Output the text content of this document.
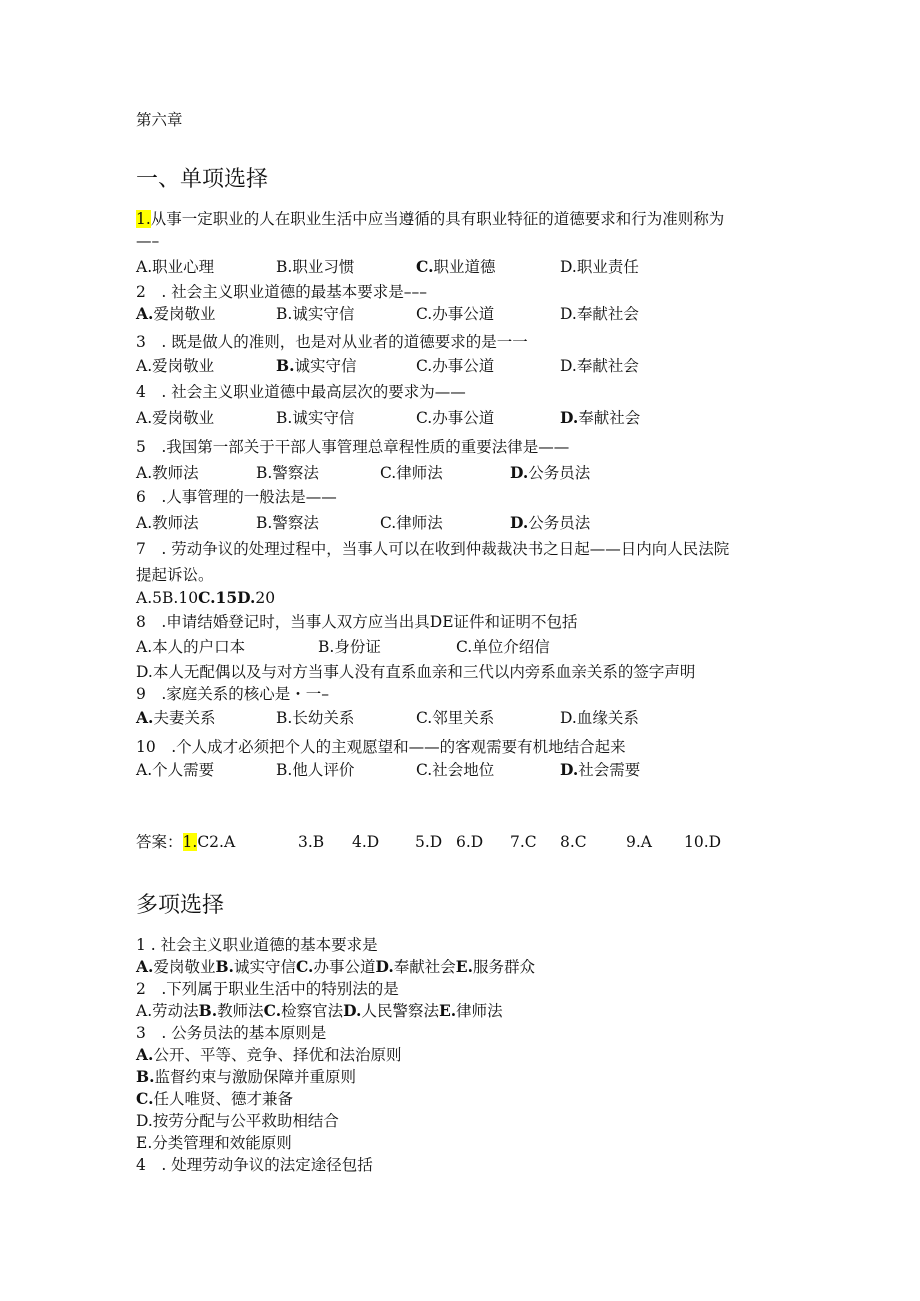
第六章
一、单项选择
1.从事一定职业的人在职业生活中应当遵循的具有职业特征的道德要求和行为准则称为
—–
A.职业心理	B.职业习惯	C.职业道德	D.职业责任
2　. 社会主义职业道德的最基本要求是–––
A.爱岗敬业	B.诚实守信	C.办事公道	D.奉献社会
3　. 既是做人的准则，也是对从业者的道德要求的是一一
A.爱岗敬业	B.诚实守信	C.办事公道	D.奉献社会
4　. 社会主义职业道德中最高层次的要求为——
A.爱岗敬业	B.诚实守信	C.办事公道	D.奉献社会
5　.我国第一部关于干部人事管理总章程性质的重要法律是——
A.教师法	B.警察法	C.律师法	D.公务员法
6　.人事管理的一般法是——
A.教师法	B.警察法	C.律师法	D.公务员法
7　. 劳动争议的处理过程中，当事人可以在收到仲裁裁决书之日起——日内向人民法院
提起诉讼。
A.5B.10C.15D.20
8　.申请结婚登记时，当事人双方应当出具DE证件和证明不包括
A.本人的户口本	B.身份证	C.单位介绍信
D.本人无配偶以及与对方当事人没有直系血亲和三代以内旁系血亲关系的签字声明
9　.家庭关系的核心是・一–
A.夫妻关系	B.长幼关系	C.邻里关系	D.血缘关系
10　.个人成才必须把个人的主观愿望和——的客观需要有机地结合起来
A.个人需要	B.他人评价	C.社会地位	D.社会需要
答案：1.C2.A	3.B 4.D 5.D 6.D 7.C 8.C	9.A 10.D
多项选择
1 . 社会主义职业道德的基本要求是
A.爱岗敬业B.诚实守信C.办事公道D.奉献社会E.服务群众
2　.下列属于职业生活中的特别法的是
A.劳动法B.教师法C.检察官法D.人民警察法E.律师法
3　. 公务员法的基本原则是
A.公开、平等、竞争、择优和法治原则
B.监督约束与激励保障并重原则
C.任人唯贤、德才兼备
D.按劳分配与公平救助相结合
E.分类管理和效能原则
4　. 处理劳动争议的法定途径包括
